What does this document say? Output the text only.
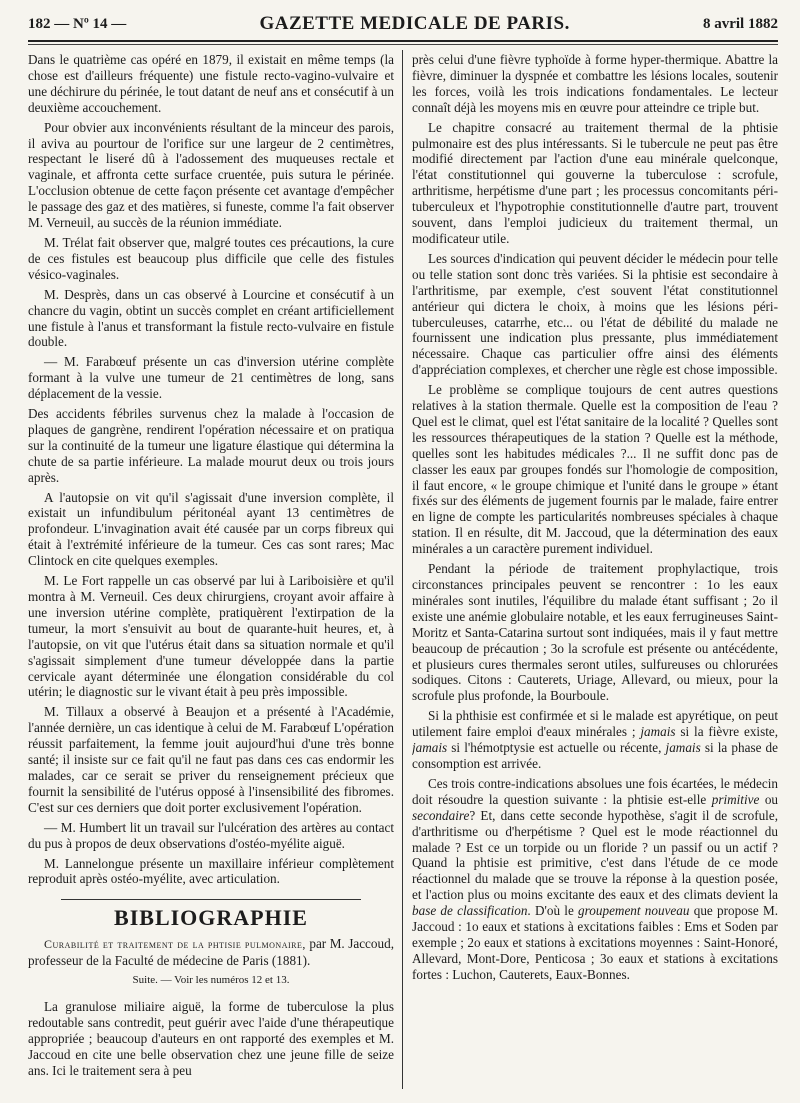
182 — Nº 14 —	GAZETTE MEDICALE DE PARIS.	8 avril 1882

Dans le quatrième cas opéré en 1879, il existait en même temps (la chose est d'ailleurs fréquente) une fistule recto-vagino-vulvaire et une déchirure du périnée, le tout datant de neuf ans et consécutif à un deuxième accouchement.

Pour obvier aux inconvénients résultant de la minceur des parois, il aviva au pourtour de l'orifice sur une largeur de 2 centimètres, respectant le liseré dû à l'adossement des muqueuses rectale et vaginale, et affronta cette surface cruentée, puis sutura le périnée. L'occlusion obtenue de cette façon présente cet avantage d'empêcher le passage des gaz et des matières, si funeste, comme l'a fait observer M. Verneuil, au succès de la réunion immédiate.

M. Trélat fait observer que, malgré toutes ces précautions, la cure de ces fistules est beaucoup plus difficile que celle des fistules vésico-vaginales.

M. Desprès, dans un cas observé à Lourcine et consécutif à un chancre du vagin, obtint un succès complet en créant artificiellement une fistule à l'anus et transformant la fistule recto-vulvaire en fistule double.

— M. Farabœuf présente un cas d'inversion utérine complète formant à la vulve une tumeur de 21 centimètres de long, sans déplacement de la vessie.

Des accidents fébriles survenus chez la malade à l'occasion de plaques de gangrène, rendirent l'opération nécessaire et on pratiqua sur la continuité de la tumeur une ligature élastique qui détermina la chute de sa partie inférieure. La malade mourut deux ou trois jours après.

A l'autopsie on vit qu'il s'agissait d'une inversion complète, il existait un infundibulum péritonéal ayant 13 centimètres de profondeur. L'invagination avait été causée par un corps fibreux qui était à l'extrémité inférieure de la tumeur. Ces cas sont rares; Mac Clintock en cite quelques exemples.

M. Le Fort rappelle un cas observé par lui à Lariboisière et qu'il montra à M. Verneuil. Ces deux chirurgiens, croyant avoir affaire à une inversion utérine complète, pratiquèrent l'extirpation de la tumeur, la mort s'ensuivit au bout de quarante-huit heures, et, à l'autopsie, on vit que l'utérus était dans sa situation normale et qu'il s'agissait simplement d'une tumeur développée dans la partie cervicale ayant déterminée une élongation considérable du col utérin; le diagnostic sur le vivant était à peu près impossible.

M. Tillaux a observé à Beaujon et a présenté à l'Académie, l'année dernière, un cas identique à celui de M. Farabœuf L'opération réussit parfaitement, la femme jouit aujourd'hui d'une très bonne santé; il insiste sur ce fait qu'il ne faut pas dans ces cas endormir les malades, car ce serait se priver du renseignement précieux que fournit la sensibilité de l'utérus opposé à l'insensibilité des fibromes. C'est sur ces derniers que doit porter exclusivement l'opération.

— M. Humbert lit un travail sur l'ulcération des artères au contact du pus à propos de deux observations d'ostéo-myélite aiguë.

M. Lannelongue présente un maxillaire inférieur complètement reproduit après ostéo-myélite, avec articulation.

BIBLIOGRAPHIE

Curabilité et traitement de la phtisie pulmonaire, par M. Jaccoud, professeur de la Faculté de médecine de Paris (1881).

Suite. — Voir les numéros 12 et 13.

La granulose miliaire aiguë, la forme de tuberculose la plus redoutable sans contredit, peut guérir avec l'aide d'une thérapeutique appropriée ; beaucoup d'auteurs en ont rapporté des exemples et M. Jaccoud en cite une belle observation chez une jeune fille de seize ans. Ici le traitement sera à peu

près celui d'une fièvre typhoïde à forme hyper-thermique. Abattre la fièvre, diminuer la dyspnée et combattre les lésions locales, soutenir les forces, voilà les trois indications fondamentales. Le lecteur connaît déjà les moyens mis en œuvre pour atteindre ce triple but.

Le chapitre consacré au traitement thermal de la phtisie pulmonaire est des plus intéressants. Si le tubercule ne peut pas être modifié directement par l'action d'une eau minérale quelconque, l'état constitutionnel qui gouverne la tuberculose : scrofule, arthritisme, herpétisme d'une part ; les processus concomitants péri-tuberculeux et l'hypotrophie constitutionnelle d'autre part, trouvent souvent, dans l'emploi judicieux du traitement thermal, un modificateur utile.

Les sources d'indication qui peuvent décider le médecin pour telle ou telle station sont donc très variées. Si la phtisie est secondaire à l'arthritisme, par exemple, c'est souvent l'état constitutionnel antérieur qui dictera le choix, à moins que les lésions péri-tuberculeuses, catarrhe, etc... ou l'état de débilité du malade ne fournissent une indication plus pressante, plus immédiatement nécessaire. Chaque cas particulier offre ainsi des éléments d'appréciation complexes, et chercher une règle est chose impossible.

Le problème se complique toujours de cent autres questions relatives à la station thermale. Quelle est la composition de l'eau ? Quel est le climat, quel est l'état sanitaire de la localité ? Quelles sont les ressources thérapeutiques de la station ? Quelle est la méthode, quelles sont les habitudes médicales ?... Il ne suffit donc pas de classer les eaux par groupes fondés sur l'homologie de composition, il faut encore, « le groupe chimique et l'unité dans le groupe » étant fixés sur des éléments de jugement fournis par le malade, faire entrer en ligne de compte les particularités nombreuses spéciales à chaque station. Il en résulte, dit M. Jaccoud, que la détermination des eaux minérales a un caractère purement individuel.

Pendant la période de traitement prophylactique, trois circonstances principales peuvent se rencontrer : 1o les eaux minérales sont inutiles, l'équilibre du malade étant suffisant ; 2o il existe une anémie globulaire notable, et les eaux ferrugineuses Saint-Moritz et Santa-Catarina surtout sont indiquées, mais il y faut mettre beaucoup de précaution ; 3o la scrofule est présente ou antécédente, et plusieurs cures thermales seront utiles, sulfureuses ou chlorurées sodiques. Citons : Cauterets, Uriage, Allevard, ou mieux, pour la scrofule plus profonde, la Bourboule.

Si la phthisie est confirmée et si le malade est apyrétique, on peut utilement faire emploi d'eaux minérales ; jamais si la fièvre existe, jamais si l'hémotptysie est actuelle ou récente, jamais si la phase de consomption est arrivée.

Ces trois contre-indications absolues une fois écartées, le médecin doit résoudre la question suivante : la phtisie est-elle primitive ou secondaire? Et, dans cette seconde hypothèse, s'agit il de scrofule, d'arthritisme ou d'herpétisme ? Quel est le mode réactionnel du malade ? Est ce un torpide ou un floride ? un passif ou un actif ? Quand la phtisie est primitive, c'est dans l'étude de ce mode réactionnel du malade que se trouve la réponse à la question posée, et l'action plus ou moins excitante des eaux et des climats devient la base de classification. D'où le groupement nouveau que propose M. Jaccoud : 1o eaux et stations à excitations faibles : Ems et Soden par exemple ; 2o eaux et stations à excitations moyennes : Saint-Honoré, Allevard, Mont-Dore, Penticosa ; 3o eaux et stations à excitations fortes : Luchon, Cauterets, Eaux-Bonnes.
